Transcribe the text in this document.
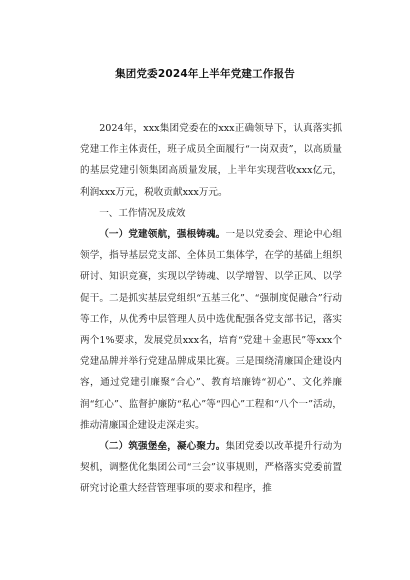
集团党委2024年上半年党建工作报告

2024年，xxx集团党委在的xxx正确领导下，认真落实抓党建工作主体责任，班子成员全面履行“一岗双责”，以高质量的基层党建引领集团高质量发展，上半年实现营收xxx亿元，利润xxx万元，税收贡献xxx万元。

一、工作情况及成效

（一）党建领航，强根铸魂。一是以党委会、理论中心组领学，指导基层党支部、全体员工集体学，在学的基础上组织研讨、知识竞赛，实现以学铸魂、以学增智、以学正风、以学促干。二是抓实基层党组织“五基三化”、“强制度促融合”行动等工作，从优秀中层管理人员中选优配强各党支部书记，落实两个1%要求，发展党员xxx名，培育“党建＋金惠民”等xxx个党建品牌并举行党建品牌成果比赛。三是围绕清廉国企建设内容，通过党建引廉聚“合心”、教育培廉铸“初心”、文化养廉润“红心”、监督护廉防“私心”等“四心”工程和“八个一”活动，推动清廉国企建设走深走实。

（二）筑强堡垒，凝心聚力。集团党委以改革提升行动为契机，调整优化集团公司“三会”议事规则，严格落实党委前置研究讨论重大经营管理事项的要求和程序，推
